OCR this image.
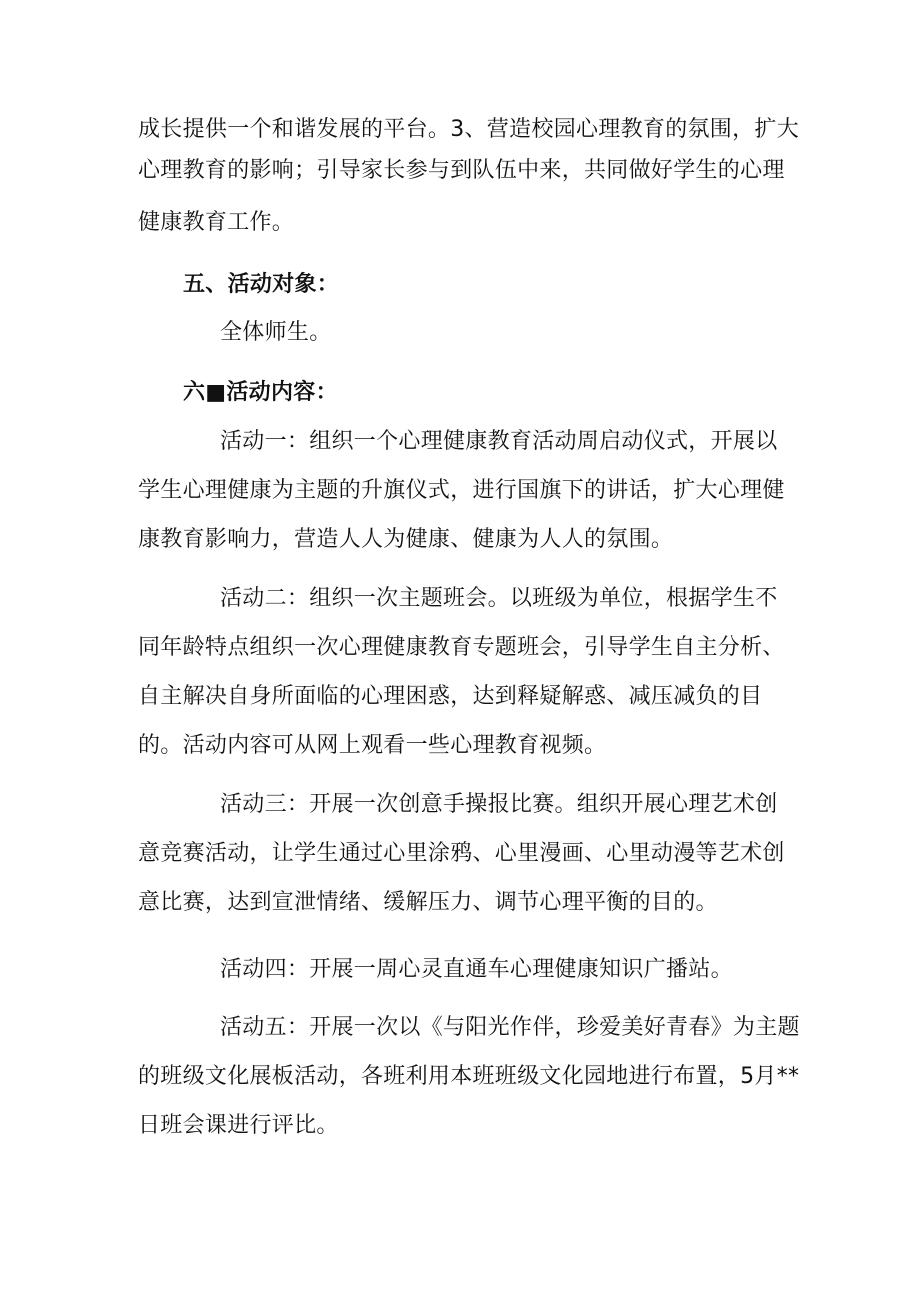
成长提供一个和谐发展的平台。3、营造校园心理教育的氛围，扩大
心理教育的影响；引导家长参与到队伍中来，共同做好学生的心理
健康教育工作。
五、活动对象：
全体师生。
六■活动内容：
活动一：组织一个心理健康教育活动周启动仪式，开展以
学生心理健康为主题的升旗仪式，进行国旗下的讲话，扩大心理健
康教育影响力，营造人人为健康、健康为人人的氛围。
活动二：组织一次主题班会。以班级为单位，根据学生不
同年龄特点组织一次心理健康教育专题班会，引导学生自主分析、
自主解决自身所面临的心理困惑，达到释疑解惑、减压减负的目
的。活动内容可从网上观看一些心理教育视频。
活动三：开展一次创意手操报比赛。组织开展心理艺术创
意竞赛活动，让学生通过心里涂鸦、心里漫画、心里动漫等艺术创
意比赛，达到宣泄情绪、缓解压力、调节心理平衡的目的。
活动四：开展一周心灵直通车心理健康知识广播站。
活动五：开展一次以《与阳光作伴，珍爱美好青春》为主题
的班级文化展板活动，各班利用本班班级文化园地进行布置，5月**
日班会课进行评比。
